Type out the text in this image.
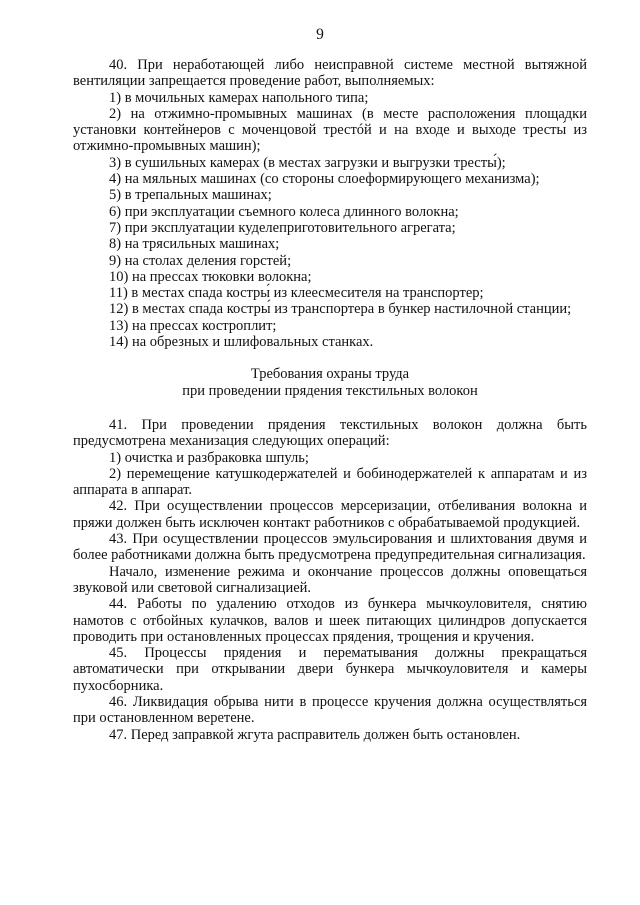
9

40. При неработающей либо неисправной системе местной вытяжной вентиляции запрещается проведение работ, выполняемых:

1) в мочильных камерах напольного типа;

2) на отжимно-промывных машинах (в месте расположения площадки установки контейнеров с моченцовой трестóй и на входе и выходе тресты́ из отжимно-промывных машин);

3) в сушильных камерах (в местах загрузки и выгрузки тресты́);

4) на мяльных машинах (со стороны слоеформирующего механизма);

5) в трепальных машинах;

6) при эксплуатации съемного колеса длинного волокна;

7) при эксплуатации куделеприготовительного агрегата;

8) на трясильных машинах;

9) на столах деления горстей;

10) на прессах тюковки волокна;

11) в местах спада костры́ из клеесмесителя на транспортер;

12) в местах спада костры́ из транспортера в бункер настилочной станции;

13) на прессах костроплит;

14) на обрезных и шлифовальных станках.

Требования охраны труда

при проведении прядения текстильных волокон

41. При проведении прядения текстильных волокон должна быть предусмотрена механизация следующих операций:

1) очистка и разбраковка шпуль;

2) перемещение катушкодержателей и бобинодержателей к аппаратам и из аппарата в аппарат.

42. При осуществлении процессов мерсеризации, отбеливания волокна и пряжи должен быть исключен контакт работников с обрабатываемой продукцией.

43. При осуществлении процессов эмульсирования и шлихтования двумя и более работниками должна быть предусмотрена предупредительная сигнализация.

Начало, изменение режима и окончание процессов должны оповещаться звуковой или световой сигнализацией.

44. Работы по удалению отходов из бункера мычкоуловителя, снятию намотов с отбойных кулачков, валов и шеек питающих цилиндров допускается проводить при остановленных процессах прядения, трощения и кручения.

45. Процессы прядения и перематывания должны прекращаться автоматически при открывании двери бункера мычкоуловителя и камеры пухосборника.

46. Ликвидация обрыва нити в процессе кручения должна осуществляться при остановленном веретене.

47. Перед заправкой жгута расправитель должен быть остановлен.
